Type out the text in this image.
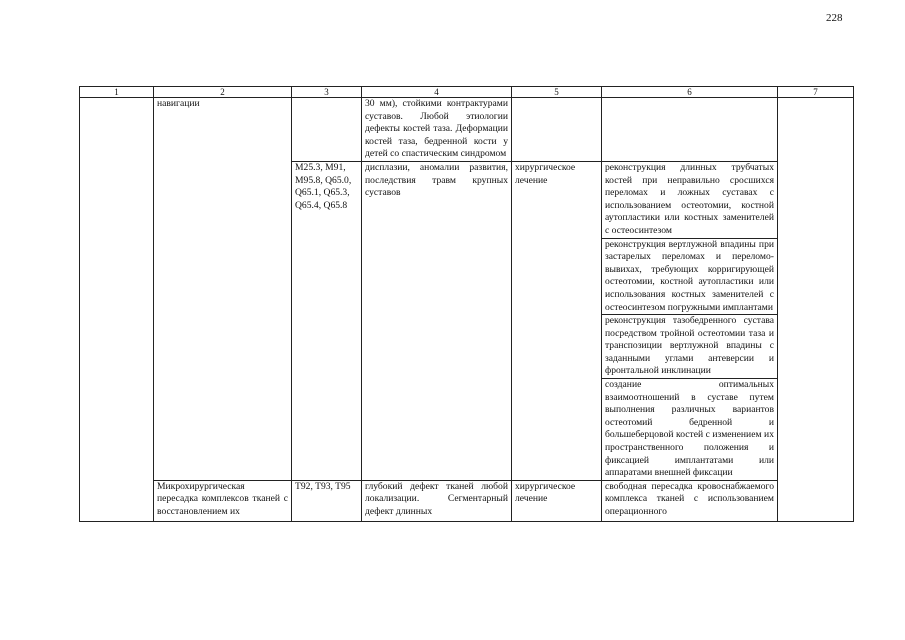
228
1	2	3	4	5	6	7
	навигации		30 мм), стойкими контрактурами суставов. Любой этиологии дефекты костей таза. Деформации костей таза, бедренной кости у детей со спастическим синдромом			
		M25.3, M91, M95.8, Q65.0, Q65.1, Q65.3, Q65.4, Q65.8	дисплазии, аномалии развития, последствия травм крупных суставов	хирургическое лечение	реконструкция длинных трубчатых костей при неправильно сросшихся переломах и ложных суставах с использованием остеотомии, костной аутопластики или костных заменителей с остеосинтезом	
					реконструкция вертлужной впадины при застарелых переломах и переломо-вывихах, требующих корригирующей остеотомии, костной аутопластики или использования костных заменителей с остеосинтезом погружными имплантами	
					реконструкция тазобедренного сустава посредством тройной остеотомии таза и транспозиции вертлужной впадины с заданными углами антеверсии и фронтальной инклинации	
					создание оптимальных взаимоотношений в суставе путем выполнения различных вариантов остеотомий бедренной и большеберцовой костей с изменением их пространственного положения и фиксацией имплантатами или аппаратами внешней фиксации	
	Микрохирургическая пересадка комплексов тканей с восстановлением их	T92, T93, T95	глубокий дефект тканей любой локализации. Сегментарный дефект длинных	хирургическое лечение	свободная пересадка кровоснабжаемого комплекса тканей с использованием операционного	
